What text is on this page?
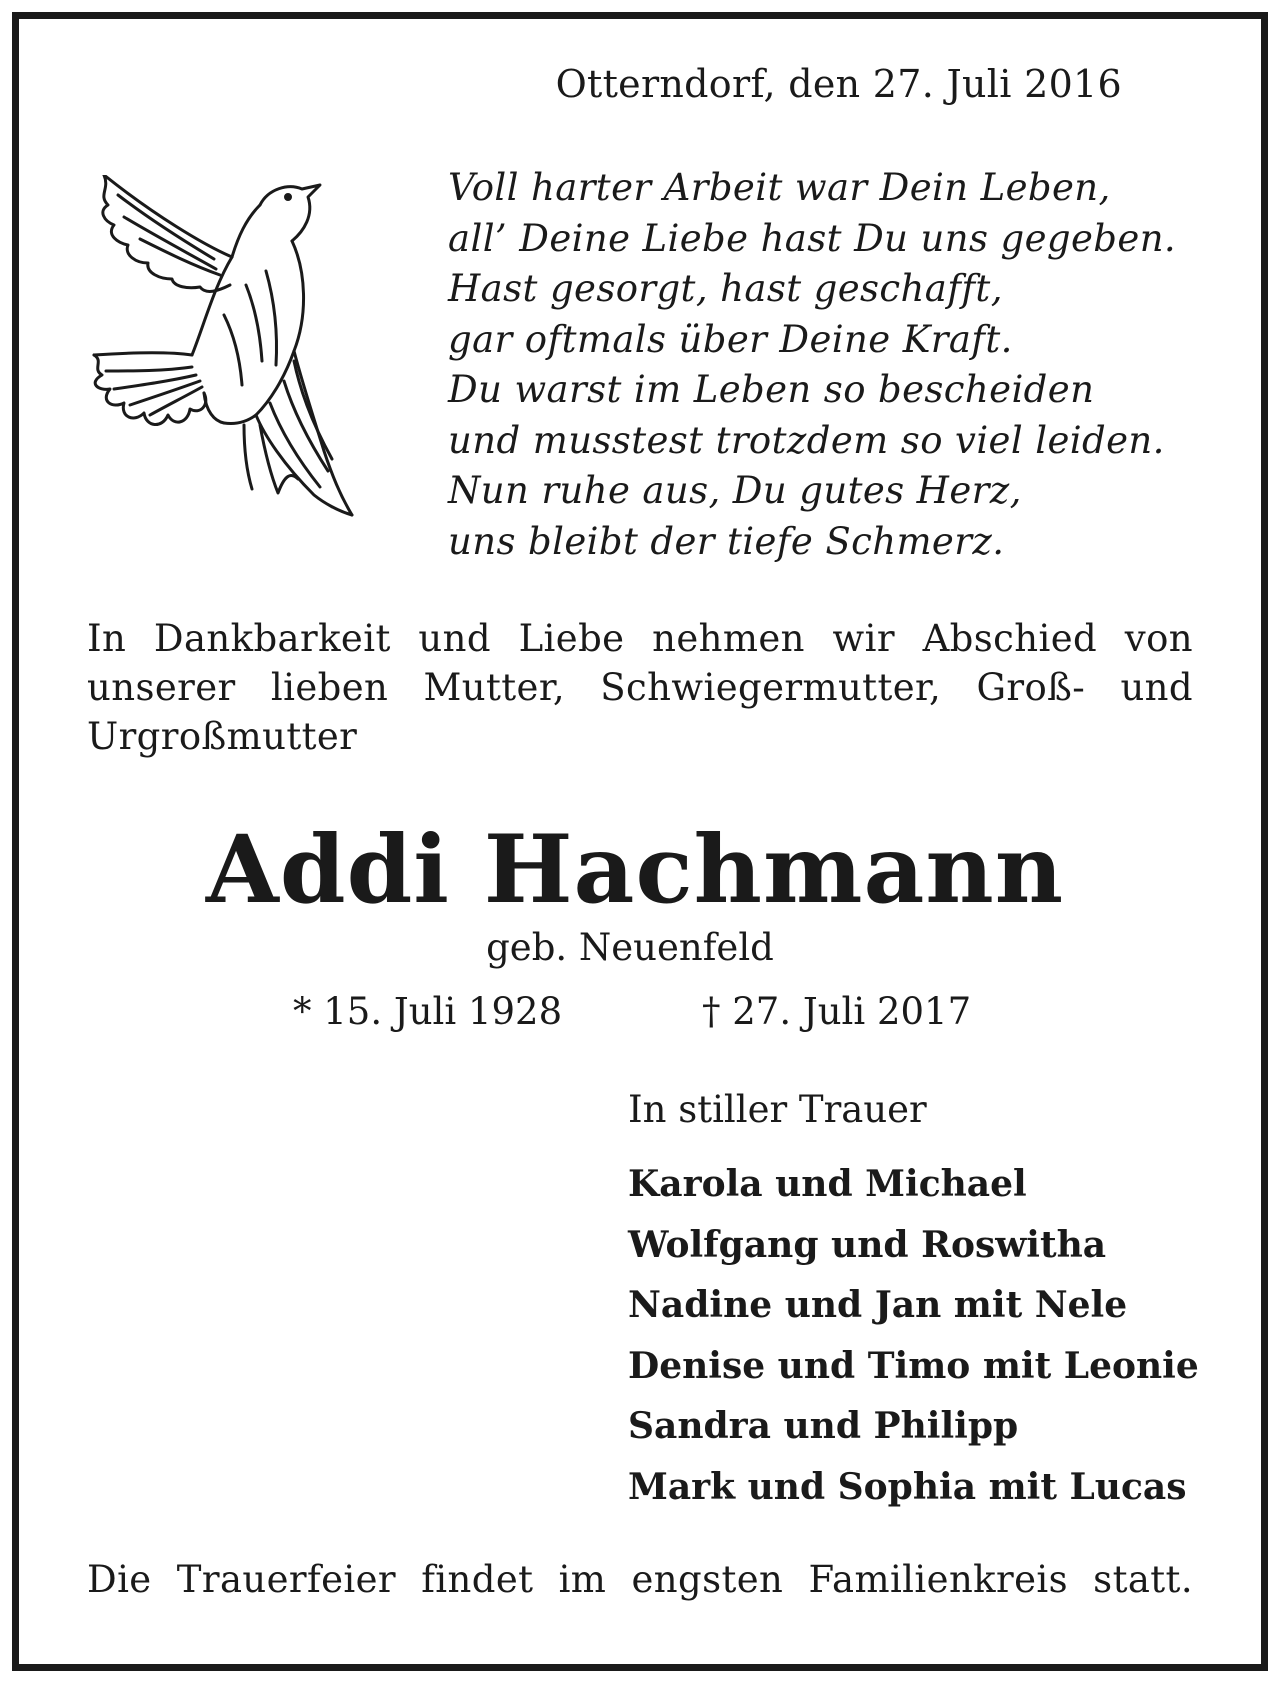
Otterndorf, den 27. Juli 2016
Voll harter Arbeit war Dein Leben,
all’ Deine Liebe hast Du uns gegeben.
Hast gesorgt, hast geschafft,
gar oftmals über Deine Kraft.
Du warst im Leben so bescheiden
und musstest trotzdem so viel leiden.
Nun ruhe aus, Du gutes Herz,
uns bleibt der tiefe Schmerz.
In Dankbarkeit und Liebe nehmen wir Abschied von unserer lieben Mutter, Schwiegermutter, Groß- und Urgroßmutter
Addi Hachmann
geb. Neuenfeld
* 15. Juli 1928	† 27. Juli 2017
In stiller Trauer
Karola und Michael
Wolfgang und Roswitha
Nadine und Jan mit Nele
Denise und Timo mit Leonie
Sandra und Philipp
Mark und Sophia mit Lucas
Die Trauerfeier findet im engsten Familienkreis statt.
